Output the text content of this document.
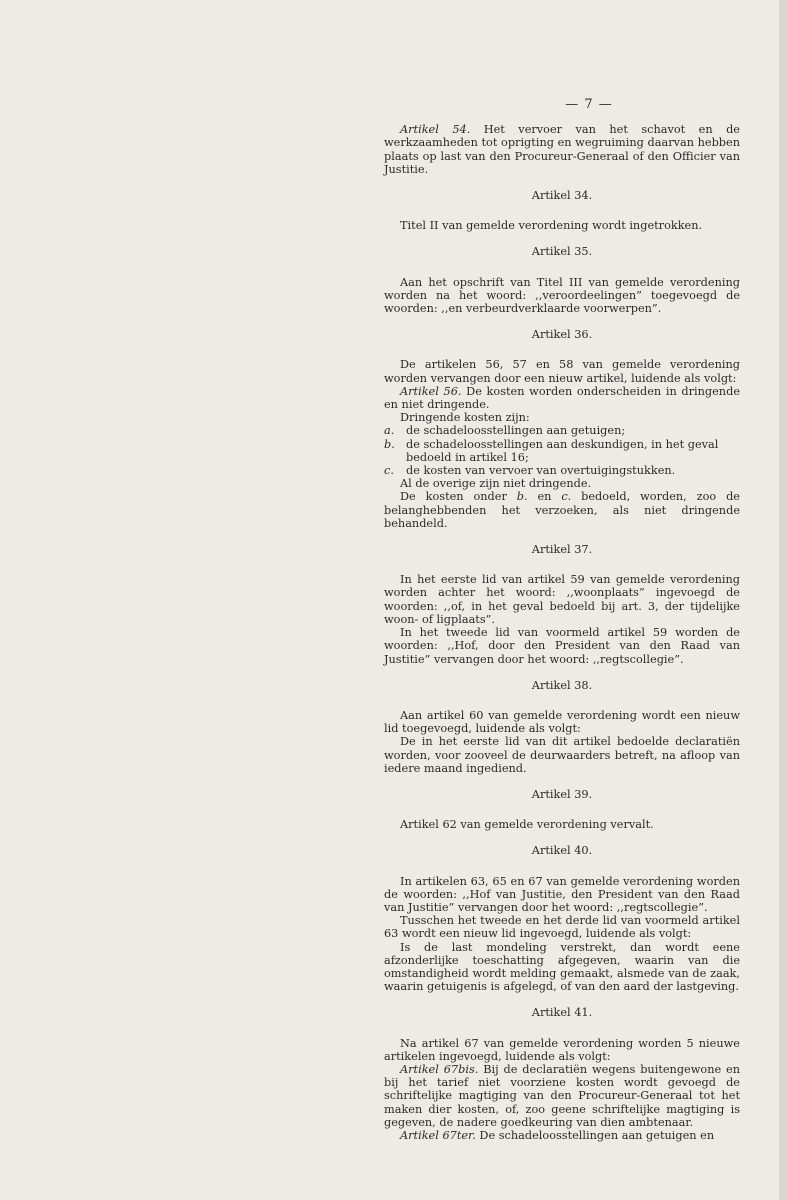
— 7 —

Artikel 54. Het vervoer van het schavot en de werkzaamheden tot oprigting en wegruiming daarvan hebben plaats op last van den Procureur-Generaal of den Officier van Justitie.

Artikel 34.

Titel II van gemelde verordening wordt ingetrokken.

Artikel 35.

Aan het opschrift van Titel III van gemelde verordening worden na het woord: ,,veroordeelingen” toegevoegd de woorden: ,,en verbeurdverklaarde voorwerpen”.

Artikel 36.

De artikelen 56, 57 en 58 van gemelde verordening worden vervangen door een nieuw artikel, luidende als volgt:

Artikel 56. De kosten worden onderscheiden in dringende en niet dringende.

Dringende kosten zijn:

a. de schadeloosstellingen aan getuigen;

b. de schadeloosstellingen aan deskundigen, in het geval bedoeld in artikel 16;

c. de kosten van vervoer van overtuigingstukken.

Al de overige zijn niet dringende.

De kosten onder b. en c. bedoeld, worden, zoo de belanghebbenden het verzoeken, als niet dringende behandeld.

Artikel 37.

In het eerste lid van artikel 59 van gemelde verordening worden achter het woord: ,,woonplaats” ingevoegd de woorden: ,,of, in het geval bedoeld bij art. 3, der tijdelijke woon- of ligplaats”.

In het tweede lid van voormeld artikel 59 worden de woorden: ,,Hof, door den President van den Raad van Justitie” vervangen door het woord: ,,regtscollegie”.

Artikel 38.

Aan artikel 60 van gemelde verordening wordt een nieuw lid toegevoegd, luidende als volgt:

De in het eerste lid van dit artikel bedoelde declaratiën worden, voor zooveel de deurwaarders betreft, na afloop van iedere maand ingediend.

Artikel 39.

Artikel 62 van gemelde verordening vervalt.

Artikel 40.

In artikelen 63, 65 en 67 van gemelde verordening worden de woorden: ,,Hof van Justitie, den President van den Raad van Justitie” vervangen door het woord: ,,regtscollegie”.

Tusschen het tweede en het derde lid van voormeld artikel 63 wordt een nieuw lid ingevoegd, luidende als volgt:

Is de last mondeling verstrekt, dan wordt eene afzonderlijke toeschatting afgegeven, waarin van die omstandigheid wordt melding gemaakt, alsmede van de zaak, waarin getuigenis is afgelegd, of van den aard der lastgeving.

Artikel 41.

Na artikel 67 van gemelde verordening worden 5 nieuwe artikelen ingevoegd, luidende als volgt:

Artikel 67bis. Bij de declaratiën wegens buitengewone en bij het tarief niet voorziene kosten wordt gevoegd de schriftelijke magtiging van den Procureur-Generaal tot het maken dier kosten, of, zoo geene schriftelijke magtiging is gegeven, de nadere goedkeuring van dien ambtenaar.

Artikel 67ter. De schadeloosstellingen aan getuigen en
